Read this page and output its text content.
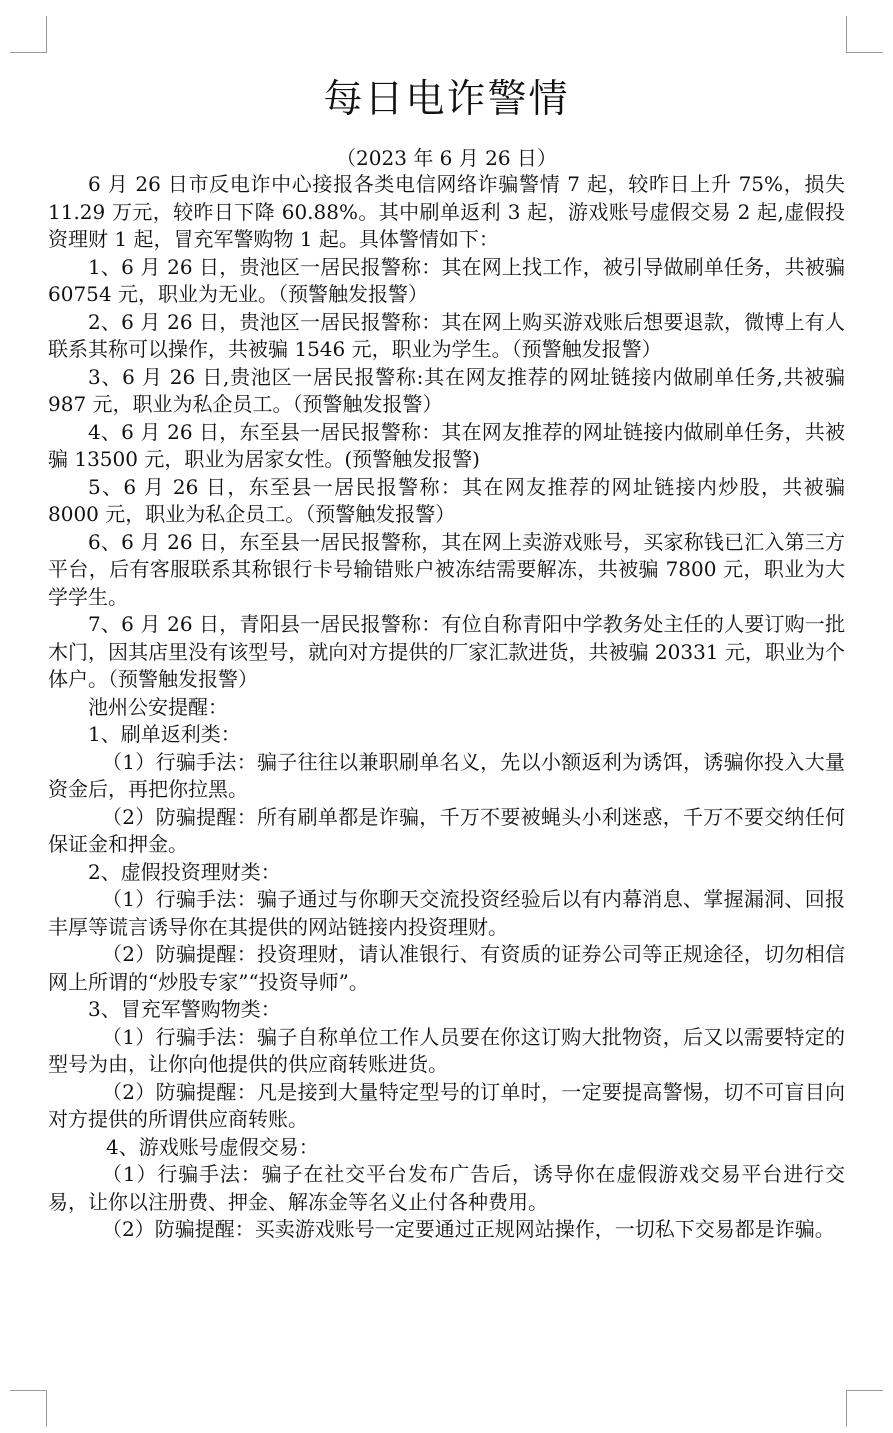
每日电诈警情
（2023 年 6 月 26 日）

6 月 26 日市反电诈中心接报各类电信网络诈骗警情 7 起，较昨日上升 75%，损失 11.29 万元，较昨日下降 60.88%。其中刷单返利 3 起，游戏账号虚假交易 2 起,虚假投资理财 1 起，冒充军警购物 1 起。具体警情如下：

1、6 月 26 日，贵池区一居民报警称：其在网上找工作，被引导做刷单任务，共被骗 60754 元，职业为无业。（预警触发报警）

2、6 月 26 日，贵池区一居民报警称：其在网上购买游戏账后想要退款，微博上有人联系其称可以操作，共被骗 1546 元，职业为学生。（预警触发报警）

3、6 月 26 日,贵池区一居民报警称:其在网友推荐的网址链接内做刷单任务,共被骗 987 元，职业为私企员工。（预警触发报警）

4、6 月 26 日，东至县一居民报警称：其在网友推荐的网址链接内做刷单任务，共被骗 13500 元，职业为居家女性。(预警触发报警)

5、6 月 26 日，东至县一居民报警称：其在网友推荐的网址链接内炒股，共被骗 8000 元，职业为私企员工。（预警触发报警）

6、6 月 26 日，东至县一居民报警称，其在网上卖游戏账号，买家称钱已汇入第三方平台，后有客服联系其称银行卡号输错账户被冻结需要解冻，共被骗 7800 元，职业为大学学生。

7、6 月 26 日，青阳县一居民报警称：有位自称青阳中学教务处主任的人要订购一批木门，因其店里没有该型号，就向对方提供的厂家汇款进货，共被骗 20331 元，职业为个体户。（预警触发报警）

池州公安提醒：

1、刷单返利类：

（1）行骗手法：骗子往往以兼职刷单名义，先以小额返利为诱饵，诱骗你投入大量资金后，再把你拉黑。

（2）防骗提醒：所有刷单都是诈骗，千万不要被蝇头小利迷惑，千万不要交纳任何保证金和押金。

2、虚假投资理财类：

（1）行骗手法：骗子通过与你聊天交流投资经验后以有内幕消息、掌握漏洞、回报丰厚等谎言诱导你在其提供的网站链接内投资理财。

（2）防骗提醒：投资理财，请认准银行、有资质的证券公司等正规途径，切勿相信网上所谓的“炒股专家”“投资导师”。

3、冒充军警购物类：

（1）行骗手法：骗子自称单位工作人员要在你这订购大批物资，后又以需要特定的型号为由，让你向他提供的供应商转账进货。

（2）防骗提醒：凡是接到大量特定型号的订单时，一定要提高警惕，切不可盲目向对方提供的所谓供应商转账。

4、游戏账号虚假交易：

（1）行骗手法：骗子在社交平台发布广告后，诱导你在虚假游戏交易平台进行交易，让你以注册费、押金、解冻金等名义止付各种费用。

（2）防骗提醒：买卖游戏账号一定要通过正规网站操作，一切私下交易都是诈骗。
